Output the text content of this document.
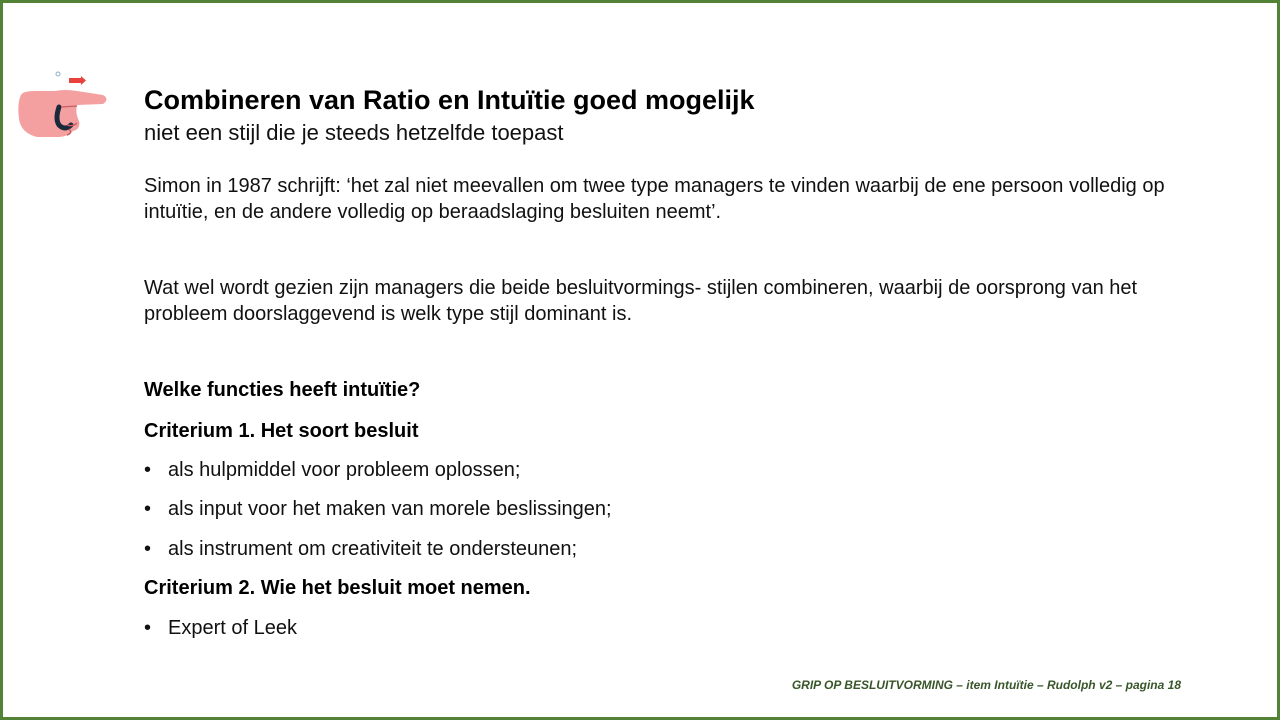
Combineren van Ratio en Intuïtie goed mogelijk

niet een stijl die je steeds hetzelfde toepast

Simon in 1987 schrijft: ‘het zal niet meevallen om twee type managers te vinden waarbij de ene persoon volledig op intuïtie, en de andere volledig op beraadslaging besluiten neemt’.

Wat wel wordt gezien zijn managers die beide besluitvormings- stijlen combineren, waarbij de oorsprong van het probleem doorslaggevend is welk type stijl dominant is.

Welke functies heeft intuïtie?

Criterium 1. Het soort besluit

• als hulpmiddel voor probleem oplossen;
• als input voor het maken van morele beslissingen;
• als instrument om creativiteit te ondersteunen;

Criterium 2. Wie het besluit moet nemen.

• Expert of Leek
GRIP OP BESLUITVORMING – item Intuïtie – Rudolph v2 – pagina 18
